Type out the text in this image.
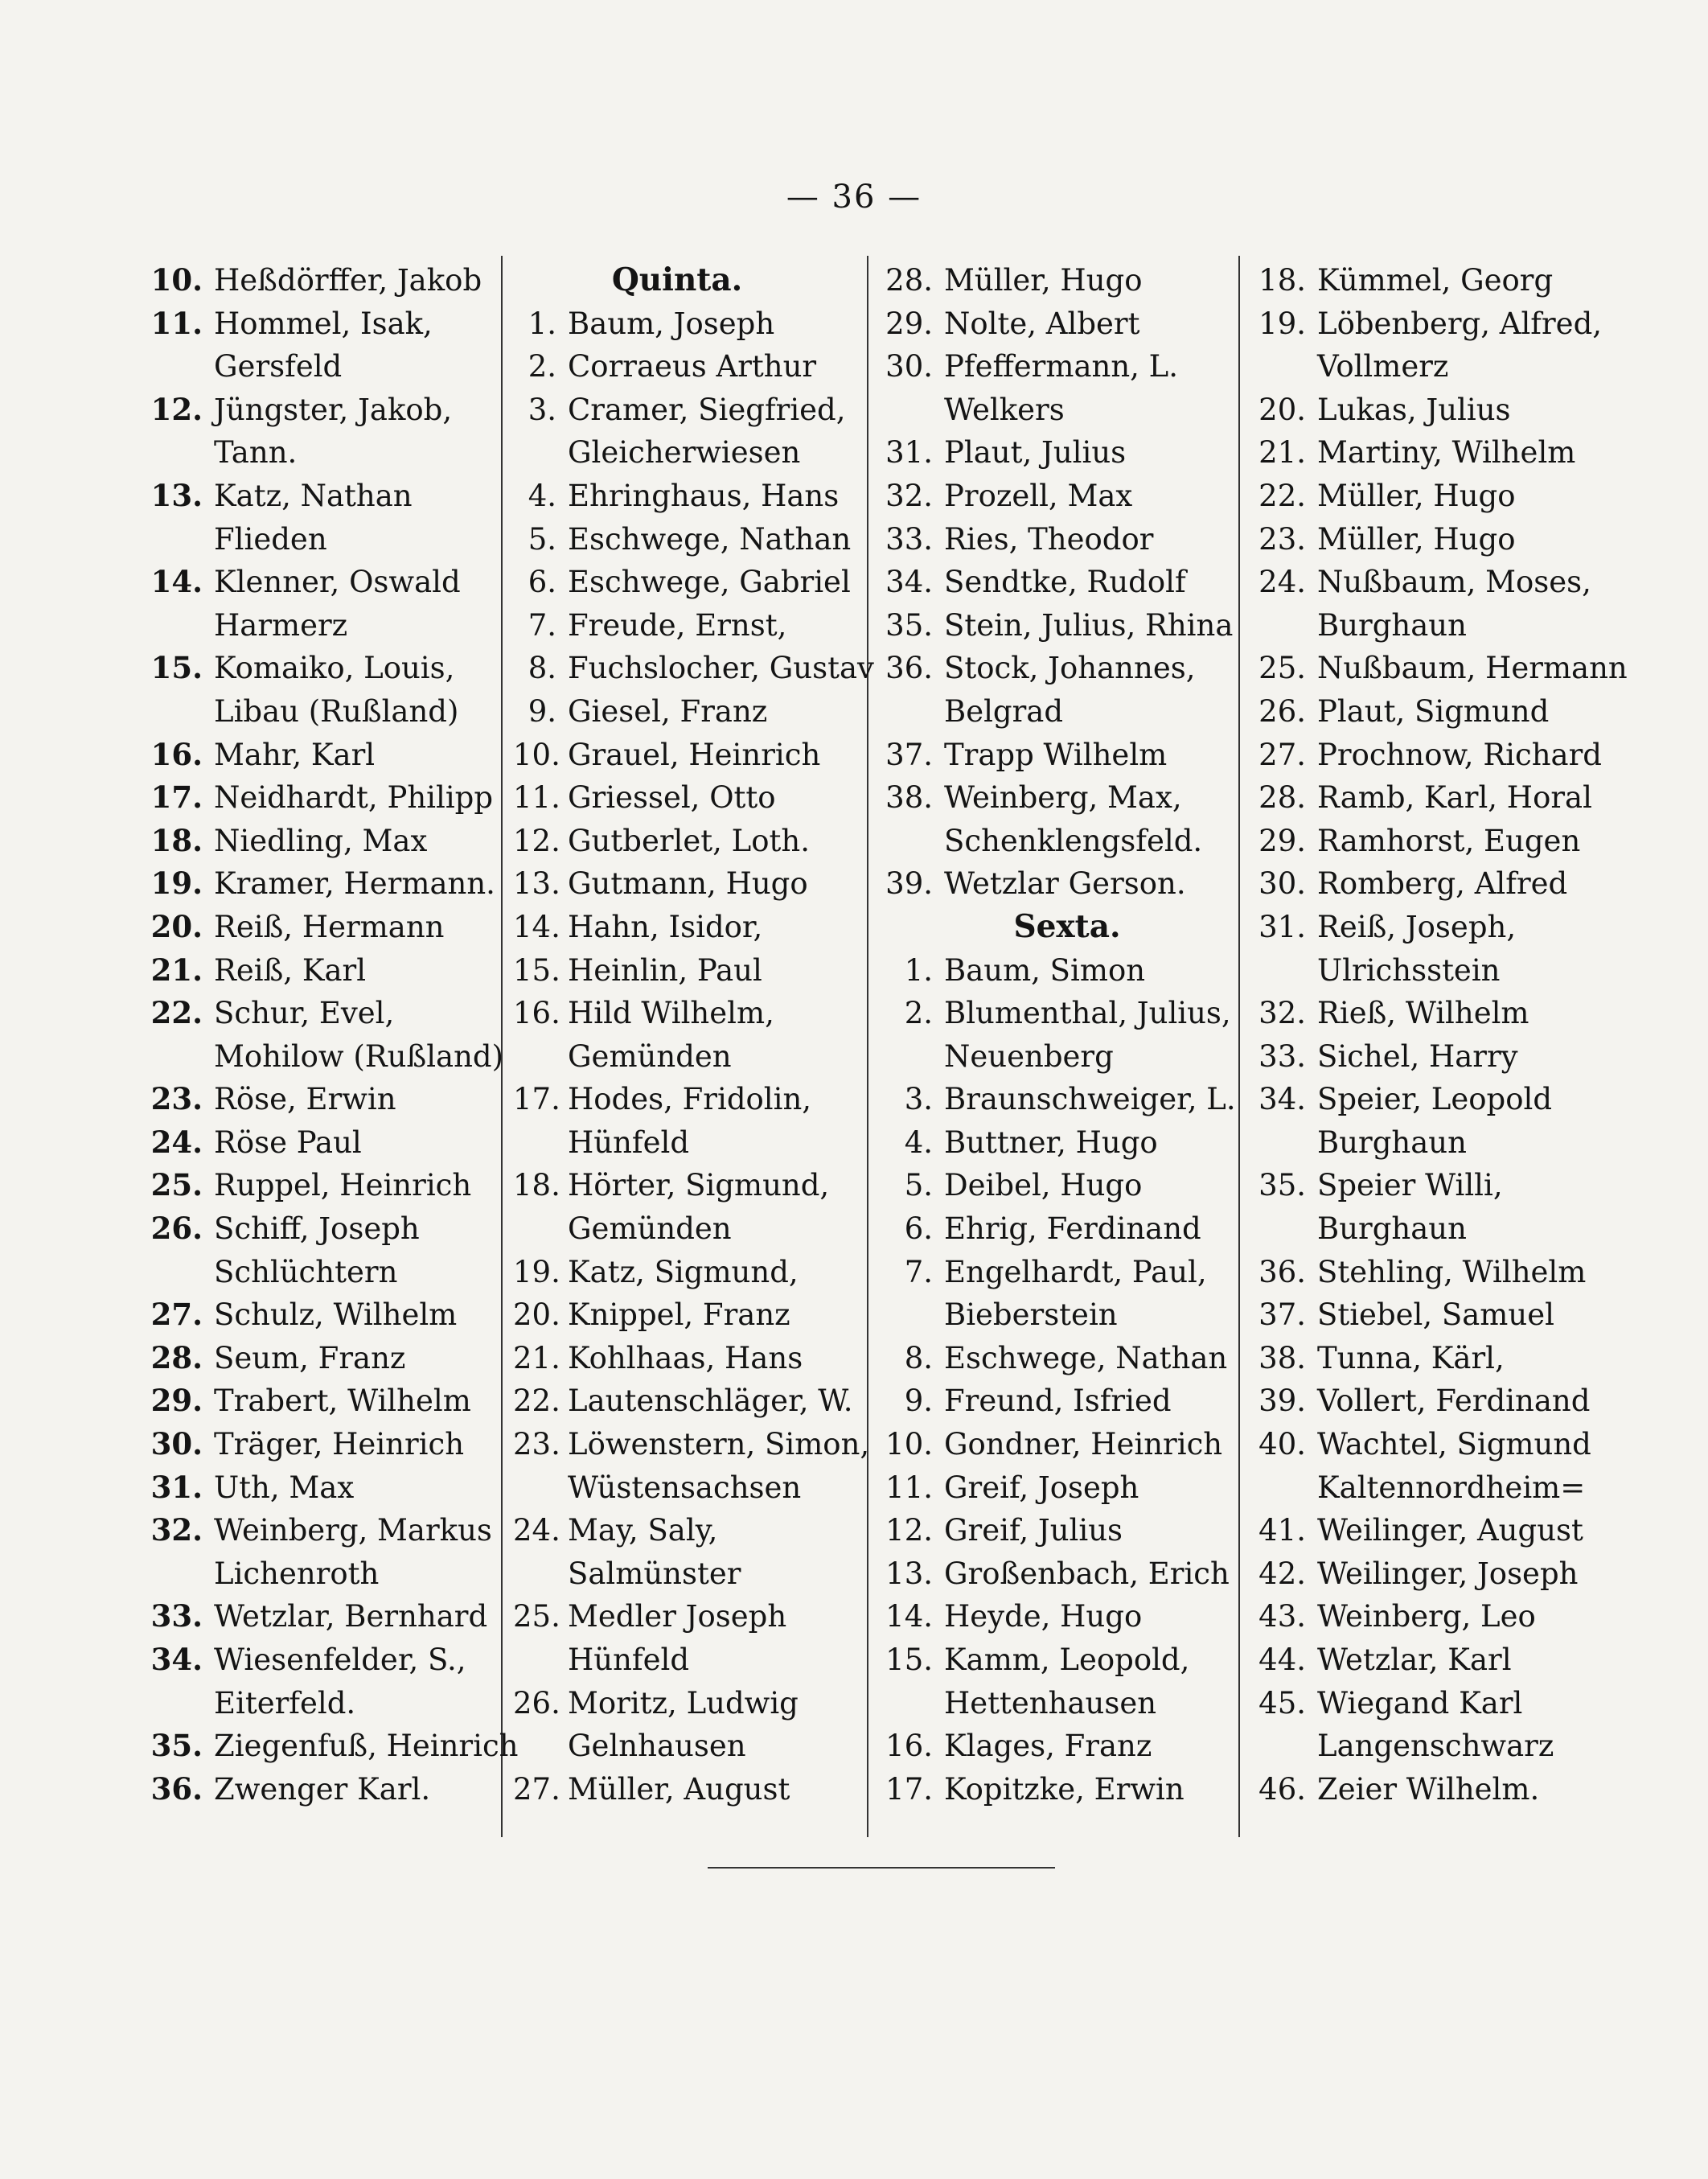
— 36 —
10. Heßdörffer, Jakob
11. Hommel, Isak,
Gersfeld
12. Jüngster, Jakob,
Tann.
13. Katz, Nathan
Flieden
14. Klenner, Oswald
Harmerz
15. Komaiko, Louis,
Libau (Rußland)
16. Mahr, Karl
17. Neidhardt, Philipp
18. Niedling, Max
19. Kramer, Hermann.
20. Reiß, Hermann
21. Reiß, Karl
22. Schur, Evel,
Mohilow (Rußland)
23. Röse, Erwin
24. Röse Paul
25. Ruppel, Heinrich
26. Schiff, Joseph
Schlüchtern
27. Schulz, Wilhelm
28. Seum, Franz
29. Trabert, Wilhelm
30. Träger, Heinrich
31. Uth, Max
32. Weinberg, Markus
Lichenroth
33. Wetzlar, Bernhard
34. Wiesenfelder, S.,
Eiterfeld.
35. Ziegenfuß, Heinrich
36. Zwenger Karl.
Quinta.
1. Baum, Joseph
2. Corraeus Arthur
3. Cramer, Siegfried,
Gleicherwiesen
4. Ehringhaus, Hans
5. Eschwege, Nathan
6. Eschwege, Gabriel
7. Freude, Ernst,
8. Fuchslocher, Gustav
9. Giesel, Franz
10. Grauel, Heinrich
11. Griessel, Otto
12. Gutberlet, Loth.
13. Gutmann, Hugo
14. Hahn, Isidor,
15. Heinlin, Paul
16. Hild Wilhelm,
Gemünden
17. Hodes, Fridolin,
Hünfeld
18. Hörter, Sigmund,
Gemünden
19. Katz, Sigmund,
20. Knippel, Franz
21. Kohlhaas, Hans
22. Lautenschläger, W.
23. Löwenstern, Simon,
Wüstensachsen
24. May, Saly,
Salmünster
25. Medler Joseph
Hünfeld
26. Moritz, Ludwig
Gelnhausen
27. Müller, August
28. Müller, Hugo
29. Nolte, Albert
30. Pfeffermann, L.
Welkers
31. Plaut, Julius
32. Prozell, Max
33. Ries, Theodor
34. Sendtke, Rudolf
35. Stein, Julius, Rhina
36. Stock, Johannes,
Belgrad
37. Trapp Wilhelm
38. Weinberg, Max,
Schenklengsfeld.
39. Wetzlar Gerson.
Sexta.
1. Baum, Simon
2. Blumenthal, Julius,
Neuenberg
3. Braunschweiger, L.
4. Buttner, Hugo
5. Deibel, Hugo
6. Ehrig, Ferdinand
7. Engelhardt, Paul,
Bieberstein
8. Eschwege, Nathan
9. Freund, Isfried
10. Gondner, Heinrich
11. Greif, Joseph
12. Greif, Julius
13. Großenbach, Erich
14. Heyde, Hugo
15. Kamm, Leopold,
Hettenhausen
16. Klages, Franz
17. Kopitzke, Erwin
18. Kümmel, Georg
19. Löbenberg, Alfred,
Vollmerz
20. Lukas, Julius
21. Martiny, Wilhelm
22. Müller, Hugo
23. Müller, Hugo
24. Nußbaum, Moses,
Burghaun
25. Nußbaum, Hermann
26. Plaut, Sigmund
27. Prochnow, Richard
28. Ramb, Karl, Horal
29. Ramhorst, Eugen
30. Romberg, Alfred
31. Reiß, Joseph,
Ulrichsstein
32. Rieß, Wilhelm
33. Sichel, Harry
34. Speier, Leopold
Burghaun
35. Speier Willi,
Burghaun
36. Stehling, Wilhelm
37. Stiebel, Samuel
38. Tunna, Kärl,
39. Vollert, Ferdinand
40. Wachtel, Sigmund
Kaltennordheim=
41. Weilinger, August
42. Weilinger, Joseph
43. Weinberg, Leo
44. Wetzlar, Karl
45. Wiegand Karl
Langenschwarz
46. Zeier Wilhelm.
